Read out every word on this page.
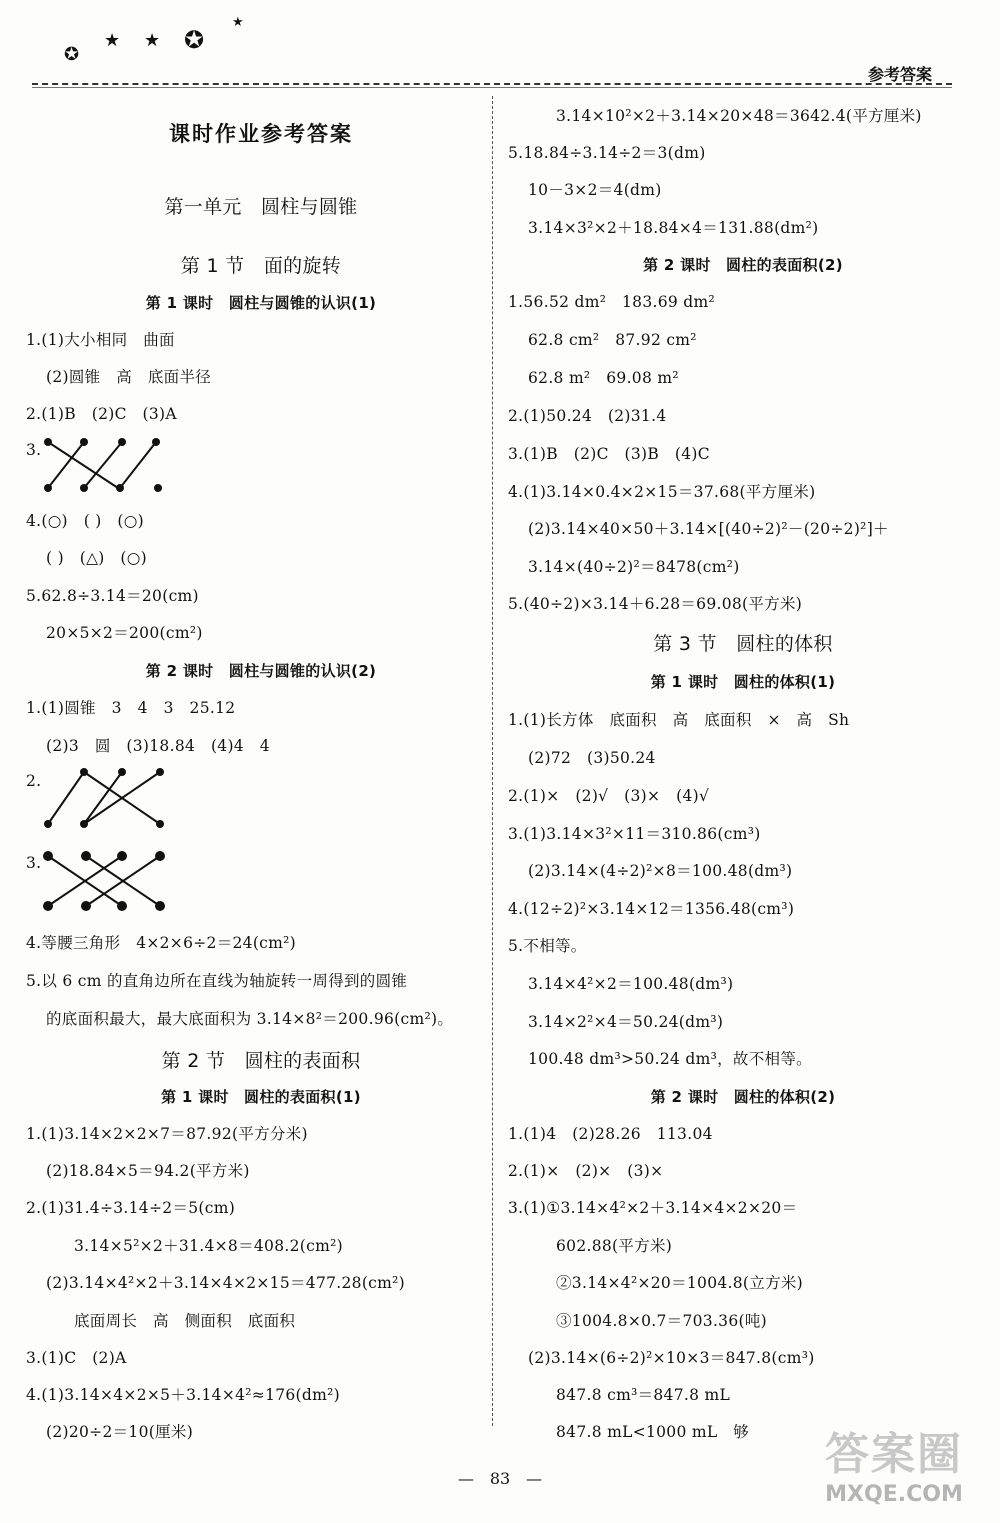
✪
★ ★ ✪
★
参考答案
课时作业参考答案
第一单元　圆柱与圆锥
第 1 节　面的旋转
第 1 课时　圆柱与圆锥的认识(1)
1.(1)大小相同　曲面
(2)圆锥　高　底面半径
2.(1)B　(2)C　(3)A
3.
4.(○)　( )　(○)
( )　(△)　(○)
5.62.8÷3.14＝20(cm)
20×5×2＝200(cm²)
第 2 课时　圆柱与圆锥的认识(2)
1.(1)圆锥　3　4　3　25.12
(2)3　圆　(3)18.84　(4)4　4
2.
3.
4.等腰三角形　4×2×6÷2＝24(cm²)
5.以 6 cm 的直角边所在直线为轴旋转一周得到的圆锥
的底面积最大，最大底面积为 3.14×8²＝200.96(cm²)。
第 2 节　圆柱的表面积
第 1 课时　圆柱的表面积(1)
1.(1)3.14×2×2×7＝87.92(平方分米)
(2)18.84×5＝94.2(平方米)
2.(1)31.4÷3.14÷2＝5(cm)
3.14×5²×2＋31.4×8＝408.2(cm²)
(2)3.14×4²×2＋3.14×4×2×15＝477.28(cm²)
底面周长　高　侧面积　底面积
3.(1)C　(2)A
4.(1)3.14×4×2×5＋3.14×4²≈176(dm²)
(2)20÷2＝10(厘米)
3.14×10²×2＋3.14×20×48＝3642.4(平方厘米)
5.18.84÷3.14÷2＝3(dm)
10－3×2＝4(dm)
3.14×3²×2＋18.84×4＝131.88(dm²)
第 2 课时　圆柱的表面积(2)
1.56.52 dm²　183.69 dm²
62.8 cm²　87.92 cm²
62.8 m²　69.08 m²
2.(1)50.24　(2)31.4
3.(1)B　(2)C　(3)B　(4)C
4.(1)3.14×0.4×2×15＝37.68(平方厘米)
(2)3.14×40×50＋3.14×[(40÷2)²－(20÷2)²]＋
3.14×(40÷2)²＝8478(cm²)
5.(40÷2)×3.14＋6.28＝69.08(平方米)
第 3 节　圆柱的体积
第 1 课时　圆柱的体积(1)
1.(1)长方体　底面积　高　底面积　×　高　Sh
(2)72　(3)50.24
2.(1)×　(2)√　(3)×　(4)√
3.(1)3.14×3²×11＝310.86(cm³)
(2)3.14×(4÷2)²×8＝100.48(dm³)
4.(12÷2)²×3.14×12＝1356.48(cm³)
5.不相等。
3.14×4²×2＝100.48(dm³)
3.14×2²×4＝50.24(dm³)
100.48 dm³>50.24 dm³，故不相等。
第 2 课时　圆柱的体积(2)
1.(1)4　(2)28.26　113.04
2.(1)×　(2)×　(3)×
3.(1)①3.14×4²×2＋3.14×4×2×20＝
602.88(平方米)
②3.14×4²×20＝1004.8(立方米)
③1004.8×0.7＝703.36(吨)
(2)3.14×(6÷2)²×10×3＝847.8(cm³)
847.8 cm³＝847.8 mL
847.8 mL<1000 mL　够
—　83　—	答案圈
MXQE.COM
